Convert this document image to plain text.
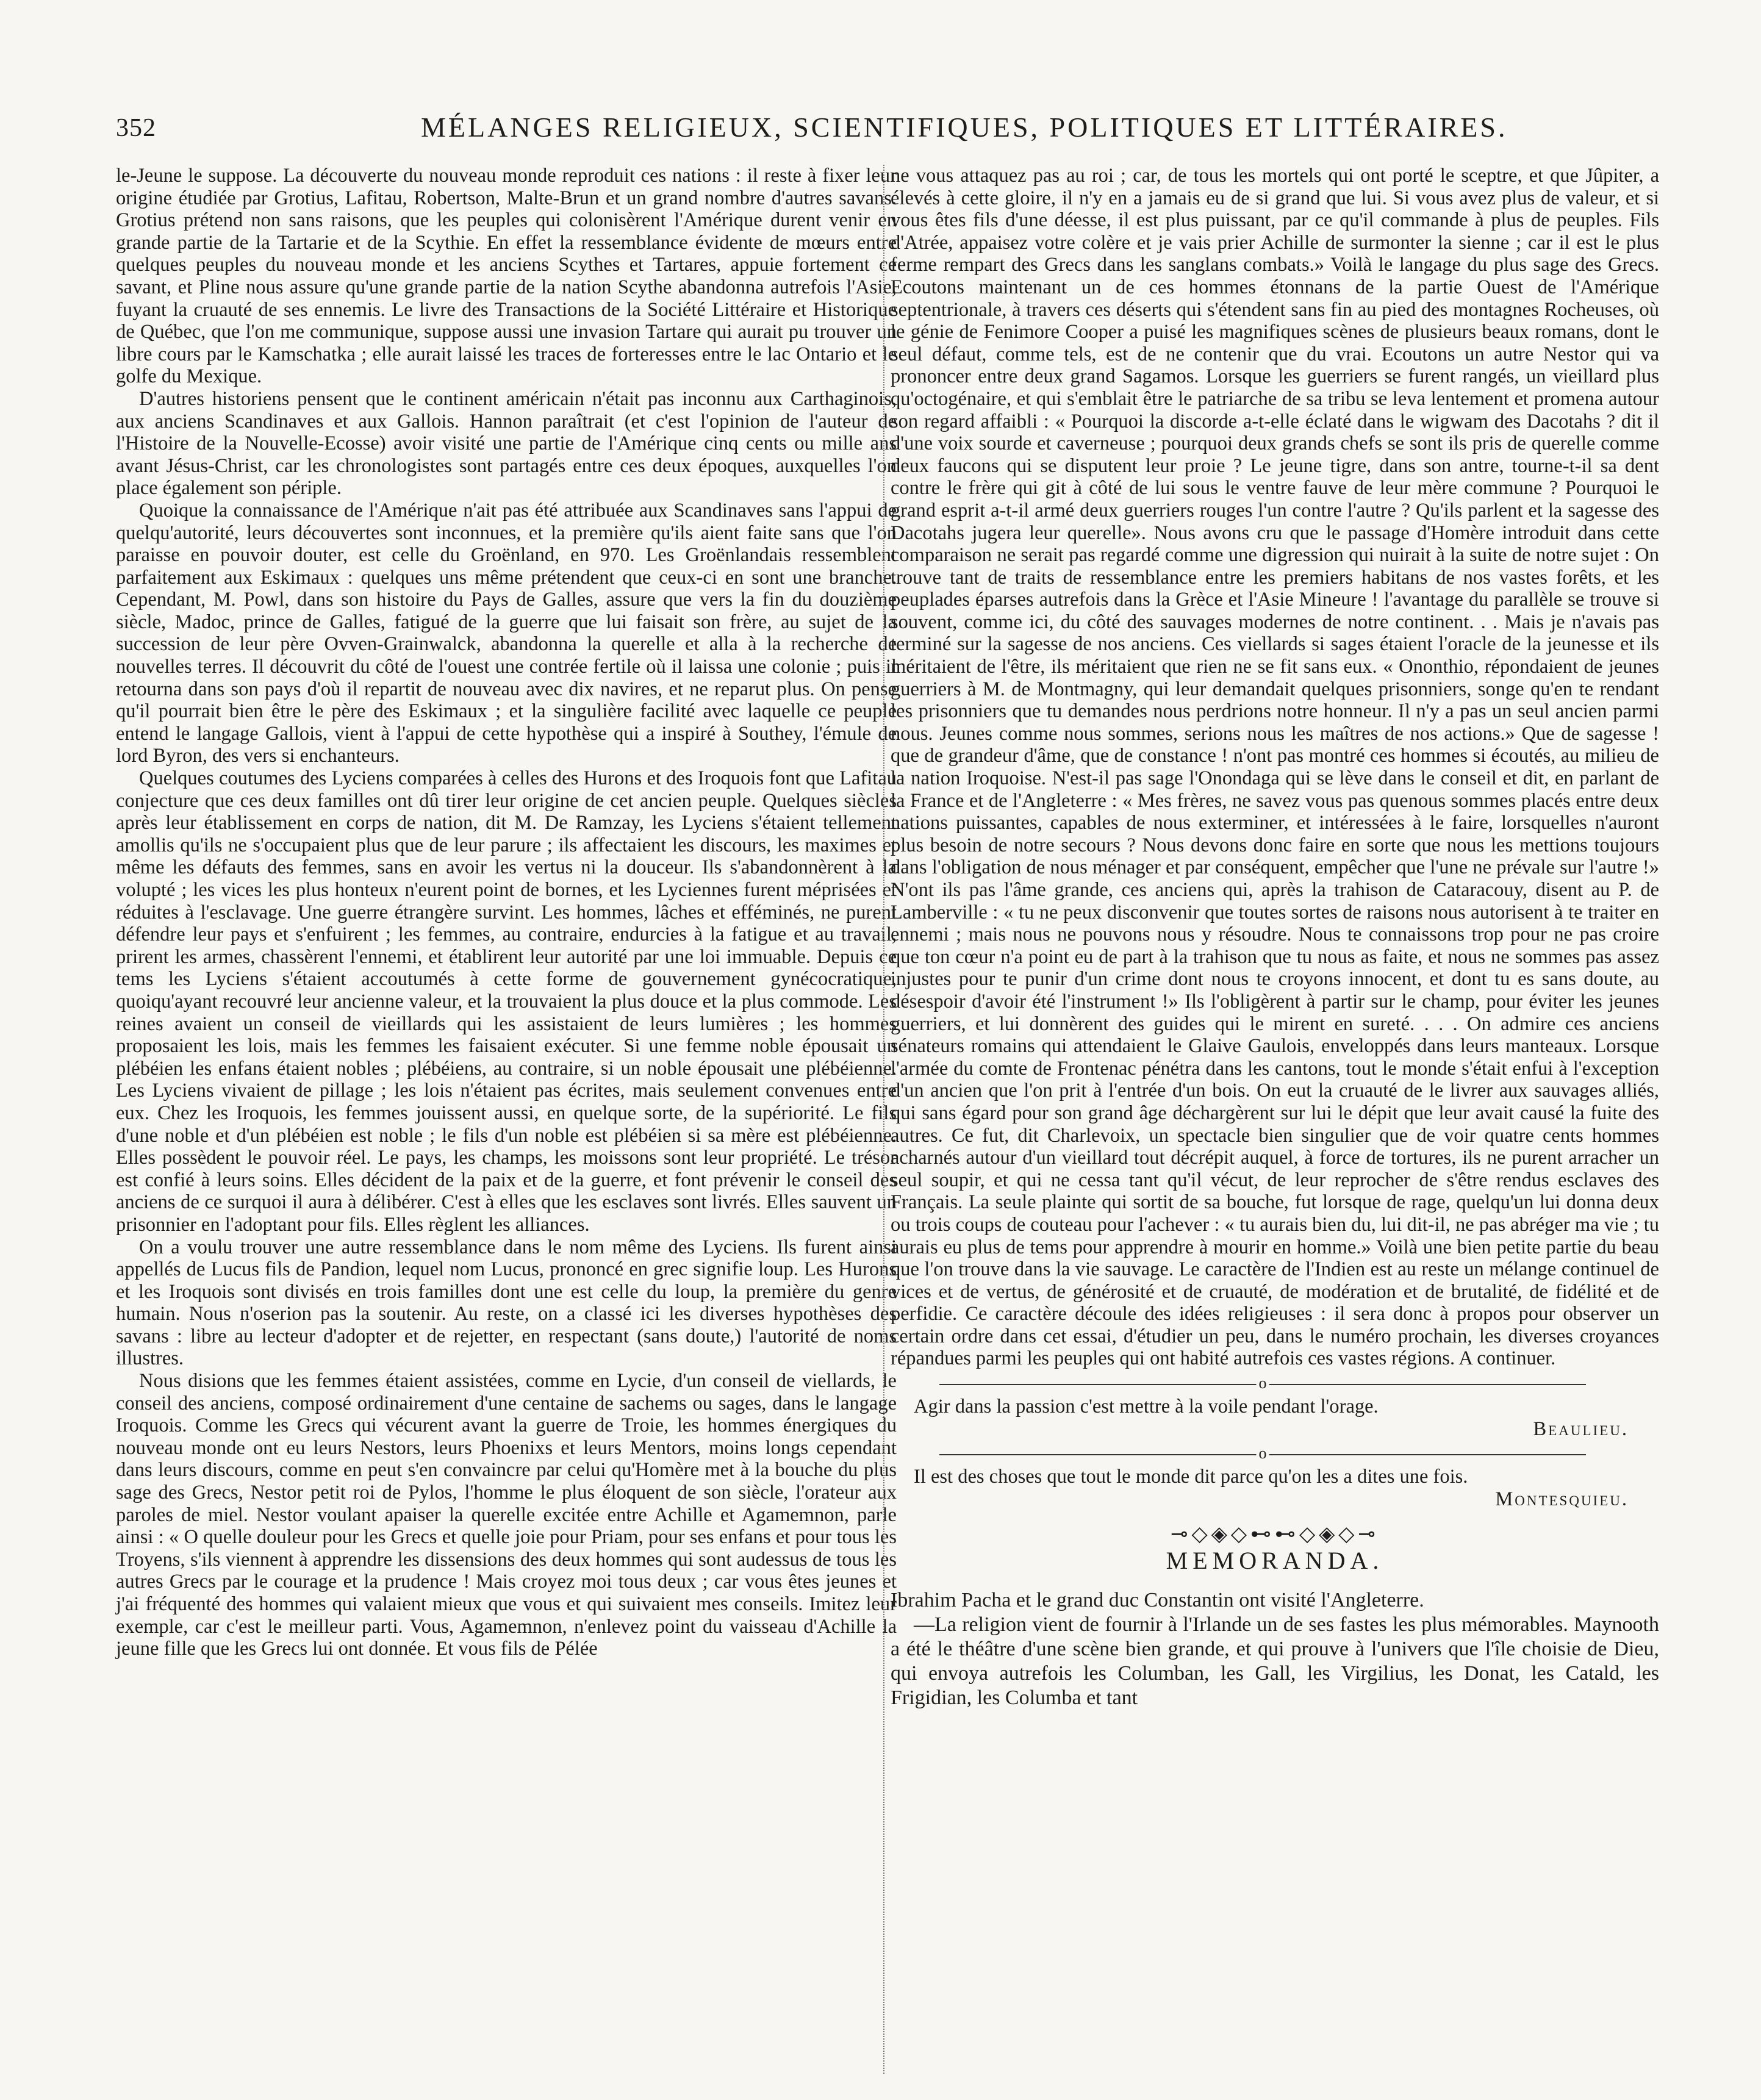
352	MÉLANGES RELIGIEUX, SCIENTIFIQUES, POLITIQUES ET LITTÉRAIRES.

le-Jeune le suppose. La découverte du nouveau monde reproduit ces nations : il reste à fixer leur origine étudiée par Grotius, Lafitau, Robertson, Malte-Brun et un grand nombre d'autres savans. Grotius prétend non sans raisons, que les peuples qui colonisèrent l'Amérique durent venir en grande partie de la Tartarie et de la Scythie. En effet la ressemblance évidente de mœurs entre quelques peuples du nouveau monde et les anciens Scythes et Tartares, appuie fortement ce savant, et Pline nous assure qu'une grande partie de la nation Scythe abandonna autrefois l'Asie, fuyant la cruauté de ses ennemis. Le livre des Transactions de la Société Littéraire et Historique de Québec, que l'on me communique, suppose aussi une invasion Tartare qui aurait pu trouver un libre cours par le Kamschatka ; elle aurait laissé les traces de forteresses entre le lac Ontario et le golfe du Mexique.

D'autres historiens pensent que le continent américain n'était pas inconnu aux Carthaginois, aux anciens Scandinaves et aux Gallois. Hannon paraîtrait (et c'est l'opinion de l'auteur de l'Histoire de la Nouvelle-Ecosse) avoir visité une partie de l'Amérique cinq cents ou mille ans avant Jésus-Christ, car les chronologistes sont partagés entre ces deux époques, auxquelles l'on place également son périple.

Quoique la connaissance de l'Amérique n'ait pas été attribuée aux Scandinaves sans l'appui de quelqu'autorité, leurs découvertes sont inconnues, et la première qu'ils aient faite sans que l'on paraisse en pouvoir douter, est celle du Groënland, en 970. Les Groënlandais ressemblent parfaitement aux Eskimaux : quelques uns même prétendent que ceux-ci en sont une branche. Cependant, M. Powl, dans son histoire du Pays de Galles, assure que vers la fin du douzième siècle, Madoc, prince de Galles, fatigué de la guerre que lui faisait son frère, au sujet de la succession de leur père Ovven-Grainwalck, abandonna la querelle et alla à la recherche de nouvelles terres. Il découvrit du côté de l'ouest une contrée fertile où il laissa une colonie ; puis il retourna dans son pays d'où il repartit de nouveau avec dix navires, et ne reparut plus. On pense qu'il pourrait bien être le père des Eskimaux ; et la singulière facilité avec laquelle ce peuple entend le langage Gallois, vient à l'appui de cette hypothèse qui a inspiré à Southey, l'émule de lord Byron, des vers si enchanteurs.

Quelques coutumes des Lyciens comparées à celles des Hurons et des Iroquois font que Lafitau conjecture que ces deux familles ont dû tirer leur origine de cet ancien peuple. Quelques siècles après leur établissement en corps de nation, dit M. De Ramzay, les Lyciens s'étaient tellement amollis qu'ils ne s'occupaient plus que de leur parure ; ils affectaient les discours, les maximes et même les défauts des femmes, sans en avoir les vertus ni la douceur. Ils s'abandonnèrent à la volupté ; les vices les plus honteux n'eurent point de bornes, et les Lyciennes furent méprisées et réduites à l'esclavage. Une guerre étrangère survint. Les hommes, lâches et efféminés, ne purent défendre leur pays et s'enfuirent ; les femmes, au contraire, endurcies à la fatigue et au travail, prirent les armes, chassèrent l'ennemi, et établirent leur autorité par une loi immuable. Depuis ce tems les Lyciens s'étaient accoutumés à cette forme de gouvernement gynécocratique, quoiqu'ayant recouvré leur ancienne valeur, et la trouvaient la plus douce et la plus commode. Les reines avaient un conseil de vieillards qui les assistaient de leurs lumières ; les hommes proposaient les lois, mais les femmes les faisaient exécuter. Si une femme noble épousait un plébéien les enfans étaient nobles ; plébéiens, au contraire, si un noble épousait une plébéienne. Les Lyciens vivaient de pillage ; les lois n'étaient pas écrites, mais seulement convenues entre eux. Chez les Iroquois, les femmes jouissent aussi, en quelque sorte, de la supériorité. Le fils d'une noble et d'un plébéien est noble ; le fils d'un noble est plébéien si sa mère est plébéienne. Elles possèdent le pouvoir réel. Le pays, les champs, les moissons sont leur propriété. Le trésor est confié à leurs soins. Elles décident de la paix et de la guerre, et font prévenir le conseil des anciens de ce surquoi il aura à délibérer. C'est à elles que les esclaves sont livrés. Elles sauvent un prisonnier en l'adoptant pour fils. Elles règlent les alliances.

On a voulu trouver une autre ressemblance dans le nom même des Lyciens. Ils furent ainsi appellés de Lucus fils de Pandion, lequel nom Lucus, prononcé en grec signifie loup. Les Hurons et les Iroquois sont divisés en trois familles dont une est celle du loup, la première du genre humain. Nous n'oserion pas la soutenir. Au reste, on a classé ici les diverses hypothèses des savans : libre au lecteur d'adopter et de rejetter, en respectant (sans doute,) l'autorité de noms illustres.

Nous disions que les femmes étaient assistées, comme en Lycie, d'un conseil de viellards, le conseil des anciens, composé ordinairement d'une centaine de sachems ou sages, dans le langage Iroquois. Comme les Grecs qui vécurent avant la guerre de Troie, les hommes énergiques du nouveau monde ont eu leurs Nestors, leurs Phoenixs et leurs Mentors, moins longs cependant dans leurs discours, comme en peut s'en convaincre par celui qu'Homère met à la bouche du plus sage des Grecs, Nestor petit roi de Pylos, l'homme le plus éloquent de son siècle, l'orateur aux paroles de miel. Nestor voulant apaiser la querelle excitée entre Achille et Agamemnon, parle ainsi : « O quelle douleur pour les Grecs et quelle joie pour Priam, pour ses enfans et pour tous les Troyens, s'ils viennent à apprendre les dissensions des deux hommes qui sont audessus de tous les autres Grecs par le courage et la prudence ! Mais croyez moi tous deux ; car vous êtes jeunes et j'ai fréquenté des hommes qui valaient mieux que vous et qui suivaient mes conseils. Imitez leur exemple, car c'est le meilleur parti. Vous, Agamemnon, n'enlevez point du vaisseau d'Achille la jeune fille que les Grecs lui ont donnée. Et vous fils de Pélée

ne vous attaquez pas au roi ; car, de tous les mortels qui ont porté le sceptre, et que Jûpiter, a élevés à cette gloire, il n'y en a jamais eu de si grand que lui. Si vous avez plus de valeur, et si vous êtes fils d'une déesse, il est plus puissant, par ce qu'il commande à plus de peuples. Fils d'Atrée, appaisez votre colère et je vais prier Achille de surmonter la sienne ; car il est le plus ferme rempart des Grecs dans les sanglans combats.» Voilà le langage du plus sage des Grecs. Ecoutons maintenant un de ces hommes étonnans de la partie Ouest de l'Amérique septentrionale, à travers ces déserts qui s'étendent sans fin au pied des montagnes Rocheuses, où le génie de Fenimore Cooper a puisé les magnifiques scènes de plusieurs beaux romans, dont le seul défaut, comme tels, est de ne contenir que du vrai. Ecoutons un autre Nestor qui va prononcer entre deux grand Sagamos. Lorsque les guerriers se furent rangés, un vieillard plus qu'octogénaire, et qui s'emblait être le patriarche de sa tribu se leva lentement et promena autour son regard affaibli : « Pourquoi la discorde a-t-elle éclaté dans le wigwam des Dacotahs ? dit il d'une voix sourde et caverneuse ; pourquoi deux grands chefs se sont ils pris de querelle comme deux faucons qui se disputent leur proie ? Le jeune tigre, dans son antre, tourne-t-il sa dent contre le frère qui git à côté de lui sous le ventre fauve de leur mère commune ? Pourquoi le grand esprit a-t-il armé deux guerriers rouges l'un contre l'autre ? Qu'ils parlent et la sagesse des Dacotahs jugera leur querelle». Nous avons cru que le passage d'Homère introduit dans cette comparaison ne serait pas regardé comme une digression qui nuirait à la suite de notre sujet : On trouve tant de traits de ressemblance entre les premiers habitans de nos vastes forêts, et les peuplades éparses autrefois dans la Grèce et l'Asie Mineure ! l'avantage du parallèle se trouve si souvent, comme ici, du côté des sauvages modernes de notre continent. . . Mais je n'avais pas terminé sur la sagesse de nos anciens. Ces viellards si sages étaient l'oracle de la jeunesse et ils méritaient de l'être, ils méritaient que rien ne se fit sans eux. « Ononthio, répondaient de jeunes guerriers à M. de Montmagny, qui leur demandait quelques prisonniers, songe qu'en te rendant les prisonniers que tu demandes nous perdrions notre honneur. Il n'y a pas un seul ancien parmi nous. Jeunes comme nous sommes, serions nous les maîtres de nos actions.» Que de sagesse ! que de grandeur d'âme, que de constance ! n'ont pas montré ces hommes si écoutés, au milieu de la nation Iroquoise. N'est-il pas sage l'Onondaga qui se lève dans le conseil et dit, en parlant de la France et de l'Angleterre : « Mes frères, ne savez vous pas quenous sommes placés entre deux nations puissantes, capables de nous exterminer, et intéressées à le faire, lorsquelles n'auront plus besoin de notre secours ? Nous devons donc faire en sorte que nous les mettions toujours dans l'obligation de nous ménager et par conséquent, empêcher que l'une ne prévale sur l'autre !» N'ont ils pas l'âme grande, ces anciens qui, après la trahison de Cataracouy, disent au P. de Lamberville : « tu ne peux disconvenir que toutes sortes de raisons nous autorisent à te traiter en ennemi ; mais nous ne pouvons nous y résoudre. Nous te connaissons trop pour ne pas croire que ton cœur n'a point eu de part à la trahison que tu nous as faite, et nous ne sommes pas assez injustes pour te punir d'un crime dont nous te croyons innocent, et dont tu es sans doute, au désespoir d'avoir été l'instrument !» Ils l'obligèrent à partir sur le champ, pour éviter les jeunes guerriers, et lui donnèrent des guides qui le mirent en sureté. . . . On admire ces anciens sénateurs romains qui attendaient le Glaive Gaulois, enveloppés dans leurs manteaux. Lorsque l'armée du comte de Frontenac pénétra dans les cantons, tout le monde s'était enfui à l'exception d'un ancien que l'on prit à l'entrée d'un bois. On eut la cruauté de le livrer aux sauvages alliés, qui sans égard pour son grand âge déchargèrent sur lui le dépit que leur avait causé la fuite des autres. Ce fut, dit Charlevoix, un spectacle bien singulier que de voir quatre cents hommes acharnés autour d'un vieillard tout décrépit auquel, à force de tortures, ils ne purent arracher un seul soupir, et qui ne cessa tant qu'il vécut, de leur reprocher de s'être rendus esclaves des Français. La seule plainte qui sortit de sa bouche, fut lorsque de rage, quelqu'un lui donna deux ou trois coups de couteau pour l'achever : « tu aurais bien du, lui dit-il, ne pas abréger ma vie ; tu aurais eu plus de tems pour apprendre à mourir en homme.» Voilà une bien petite partie du beau que l'on trouve dans la vie sauvage. Le caractère de l'Indien est au reste un mélange continuel de vices et de vertus, de générosité et de cruauté, de modération et de brutalité, de fidélité et de perfidie. Ce caractère découle des idées religieuses : il sera donc à propos pour observer un certain ordre dans cet essai, d'étudier un peu, dans le numéro prochain, les diverses croyances répandues parmi les peuples qui ont habité autrefois ces vastes régions. A continuer.

o

Agir dans la passion c'est mettre à la voile pendant l'orage.

Beaulieu.
o

Il est des choses que tout le monde dit parce qu'on les a dites une fois.

Montesquieu.
⊸◇◈◇⊷⊷◇◈◇⊸
MEMORANDA.

Ibrahim Pacha et le grand duc Constantin ont visité l'Angleterre.

—La religion vient de fournir à l'Irlande un de ses fastes les plus mémorables. Maynooth a été le théâtre d'une scène bien grande, et qui prouve à l'univers que l'île choisie de Dieu, qui envoya autrefois les Columban, les Gall, les Virgilius, les Donat, les Catald, les Frigidian, les Columba et tant
